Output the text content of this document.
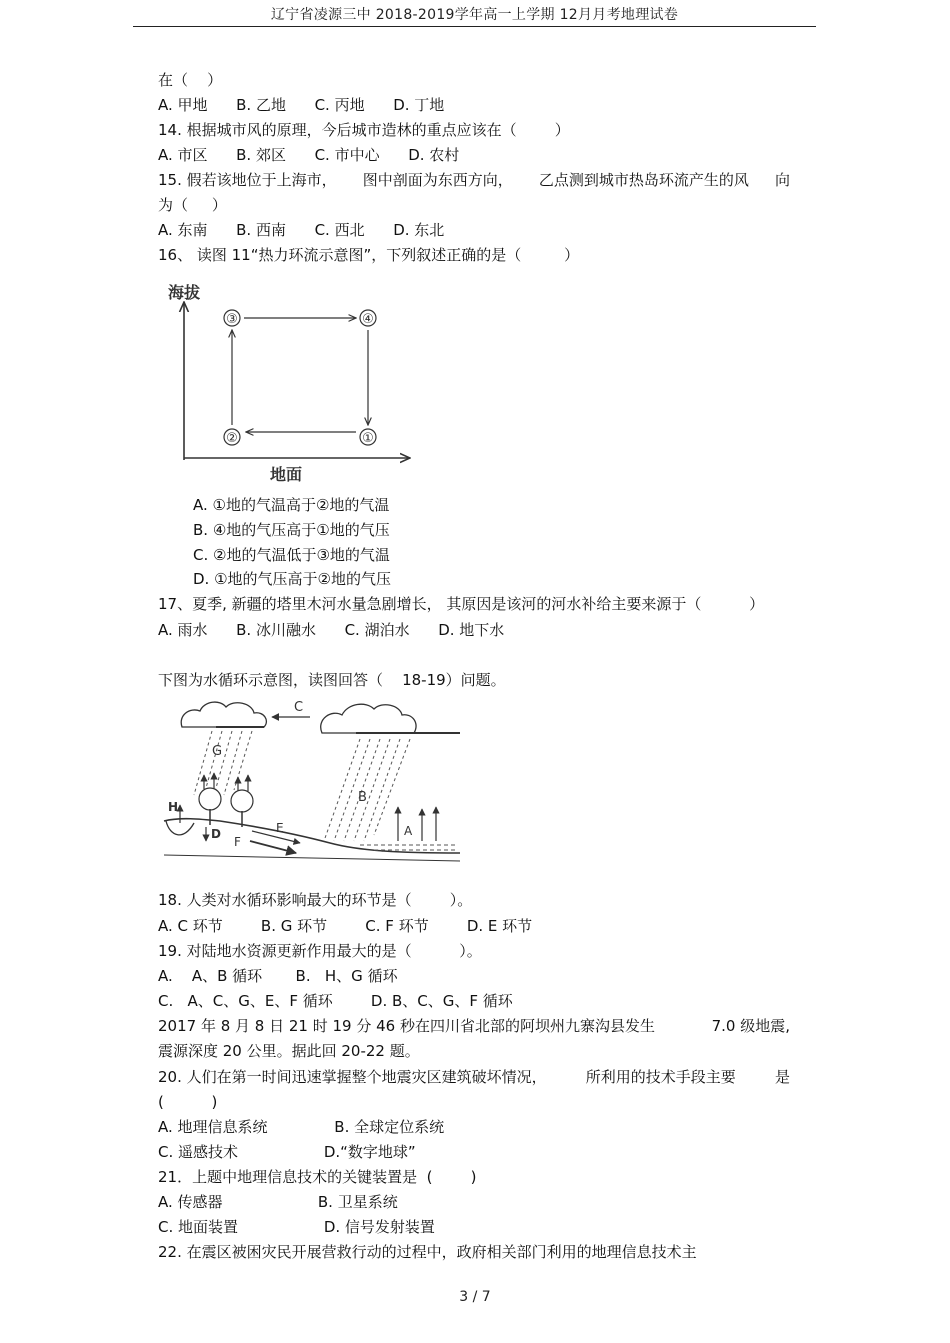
辽宁省凌源三中 2018-2019学年高一上学期 12月月考地理试卷
在（    ）
A. 甲地      B. 乙地      C. 丙地      D. 丁地
14. 根据城市风的原理，今后城市造林的重点应该在（        ）
A. 市区      B. 郊区      C. 市中心      D. 农村
15. 假若该地位于上海市， 图中剖面为东西方向， 乙点测到城市热岛环流产生的风 向
为（     ）
A. 东南      B. 西南      C. 西北      D. 东北
16、 读图 11“热力环流示意图”，下列叙述正确的是（         ）
海拔
地面
③	④
②	①
A. ①地的气温高于②地的气温
B. ④地的气压高于①地的气压
C. ②地的气温低于③地的气温
D. ①地的气压高于②地的气压
17、夏季, 新疆的塔里木河水量急剧增长， 其原因是该河的河水补给主要来源于（          ）
A. 雨水      B. 冰川融水      C. 湖泊水      D. 地下水
下图为水循环示意图，读图回答（    18-19）问题。
C
G
B
H
D	E
F
A
18. 人类对水循环影响最大的环节是（        ）。
A. C 环节        B. G 环节        C. F 环节        D. E 环节
19. 对陆地水资源更新作用最大的是（          ）。
A.    A、B 循环       B.   H、G 循环
C.   A、C、G、E、F 循环        D. B、C、G、F 循环
2017 年 8 月 8 日 21 时 19 分 46 秒在四川省北部的阿坝州九寨沟县发生	7.0 级地震,
震源深度 20 公里。据此回 20-22 题。
20. 人们在第一时间迅速掌握整个地震灾区建筑破坏情况，	所利用的技术手段主要	是
(          )
A. 地理信息系统              B. 全球定位系统
C. 遥感技术                  D.“数字地球”
21．上题中地理信息技术的关键装置是  (        )
A. 传感器                    B. 卫星系统
C. 地面装置                  D. 信号发射装置
22. 在震区被困灾民开展营救行动的过程中，政府相关部门利用的地理信息技术主
3 / 7
